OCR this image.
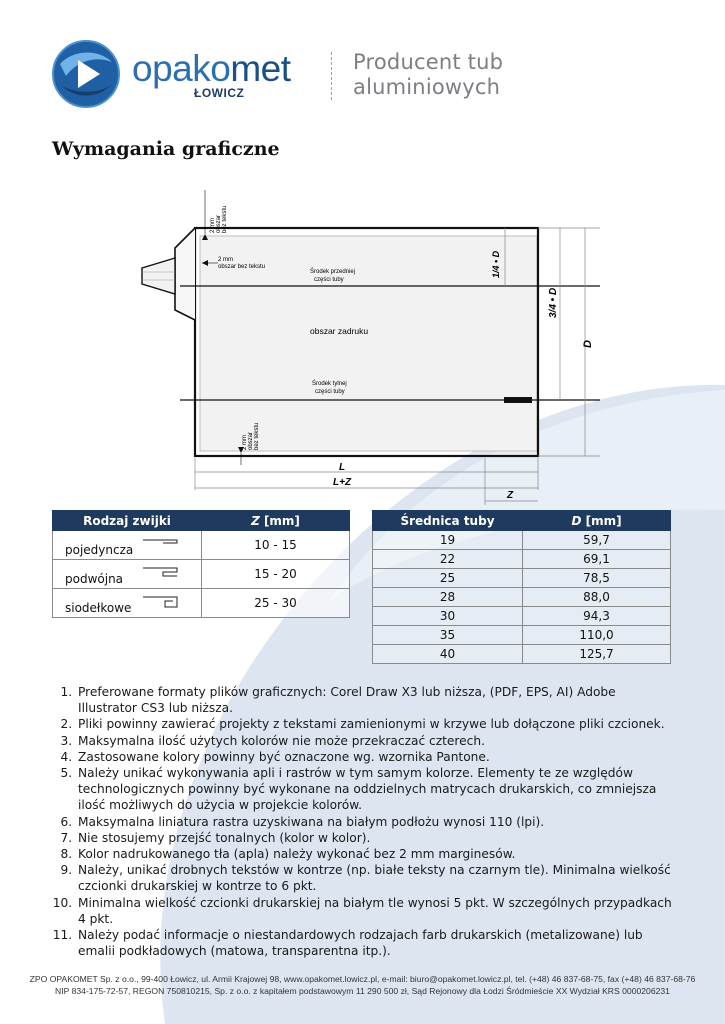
opakomet
ŁOWICZ
Producent tub
aluminiowych
Wymagania graficzne
2 mm obszar bez tekstu
2 mm
obszar bez tekstu
Środek przedniej
części tuby
obszar zadruku
Środek tylnej
części tuby
2 mm obszar bez tekstu
1/4 • D
3/4 • D
D
L
L+Z
Z
Rodzaj zwijki	Z [mm]

pojedyncza	10 - 15

podwójna	15 - 20

siodełkowe	25 - 30
Średnica tuby	D [mm]
19	59,7
22	69,1
25	78,5
28	88,0
30	94,3
35	110,0
40	125,7
1. Preferowane formaty plików graficznych: Corel Draw X3 lub niższa, (PDF, EPS, AI) Adobe Illustrator CS3 lub niższa.
2. Pliki powinny zawierać projekty z tekstami zamienionymi w krzywe lub dołączone pliki czcionek.
3. Maksymalna ilość użytych kolorów nie może przekraczać czterech.
4. Zastosowane kolory powinny być oznaczone wg. wzornika Pantone.
5. Należy unikać wykonywania apli i rastrów w tym samym kolorze. Elementy te ze względów technologicznych powinny być wykonane na oddzielnych matrycach drukarskich, co zmniejsza ilość możliwych do użycia w projekcie kolorów.
6. Maksymalna liniatura rastra uzyskiwana na białym podłożu wynosi 110 (lpi).
7. Nie stosujemy przejść tonalnych (kolor w kolor).
8. Kolor nadrukowanego tła (apla) należy wykonać bez 2 mm marginesów.
9. Należy, unikać drobnych tekstów w kontrze (np. białe teksty na czarnym tle). Minimalna wielkość czcionki drukarskiej w kontrze to 6 pkt.
10. Minimalna wielkość czcionki drukarskiej na białym tle wynosi 5 pkt. W szczególnych przypadkach 4 pkt.
11. Należy podać informacje o niestandardowych rodzajach farb drukarskich (metalizowane) lub emalii podkładowych (matowa, transparentna itp.).
ZPO OPAKOMET Sp. z o.o., 99-400 Łowicz, ul. Armii Krajowej 98, www.opakomet.lowicz.pl, e-mail: biuro@opakomet.lowicz.pl, tel. (+48) 46 837-68-75, fax (+48) 46 837-68-76
NIP 834-175-72-57, REGON 750810215, Sp. z o.o. z kapitałem podstawowym 11 290 500 zł, Sąd Rejonowy dla Łodzi Śródmieście XX Wydział KRS 0000206231
